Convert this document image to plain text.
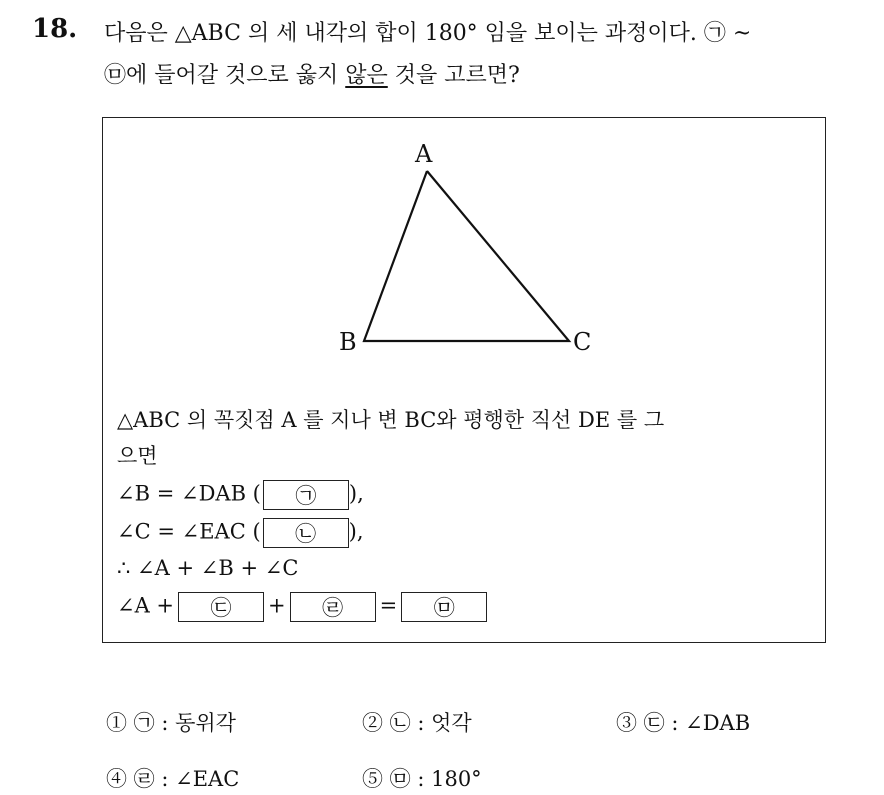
18. 다음은 △ABC 의 세 내각의 합이 180° 임을 보이는 과정이다. ㉠ ~
㉤에 들어갈 것으로 옳지 않은 것을 고르면?
A
B	C
△ABC 의 꼭짓점 A 를 지나 변 BC와 평행한 직선 DE 를 그
으면
∠B = ∠DAB ( ㉠ ),
∠C = ∠EAC ( ㉡ ),
∴ ∠A + ∠B + ∠C
∠A + ㉢ + ㉣ = ㉤
① ㉠ : 동위각	② ㉡ : 엇각	③ ㉢ : ∠DAB
④ ㉣ : ∠EAC	⑤ ㉤ : 180°
